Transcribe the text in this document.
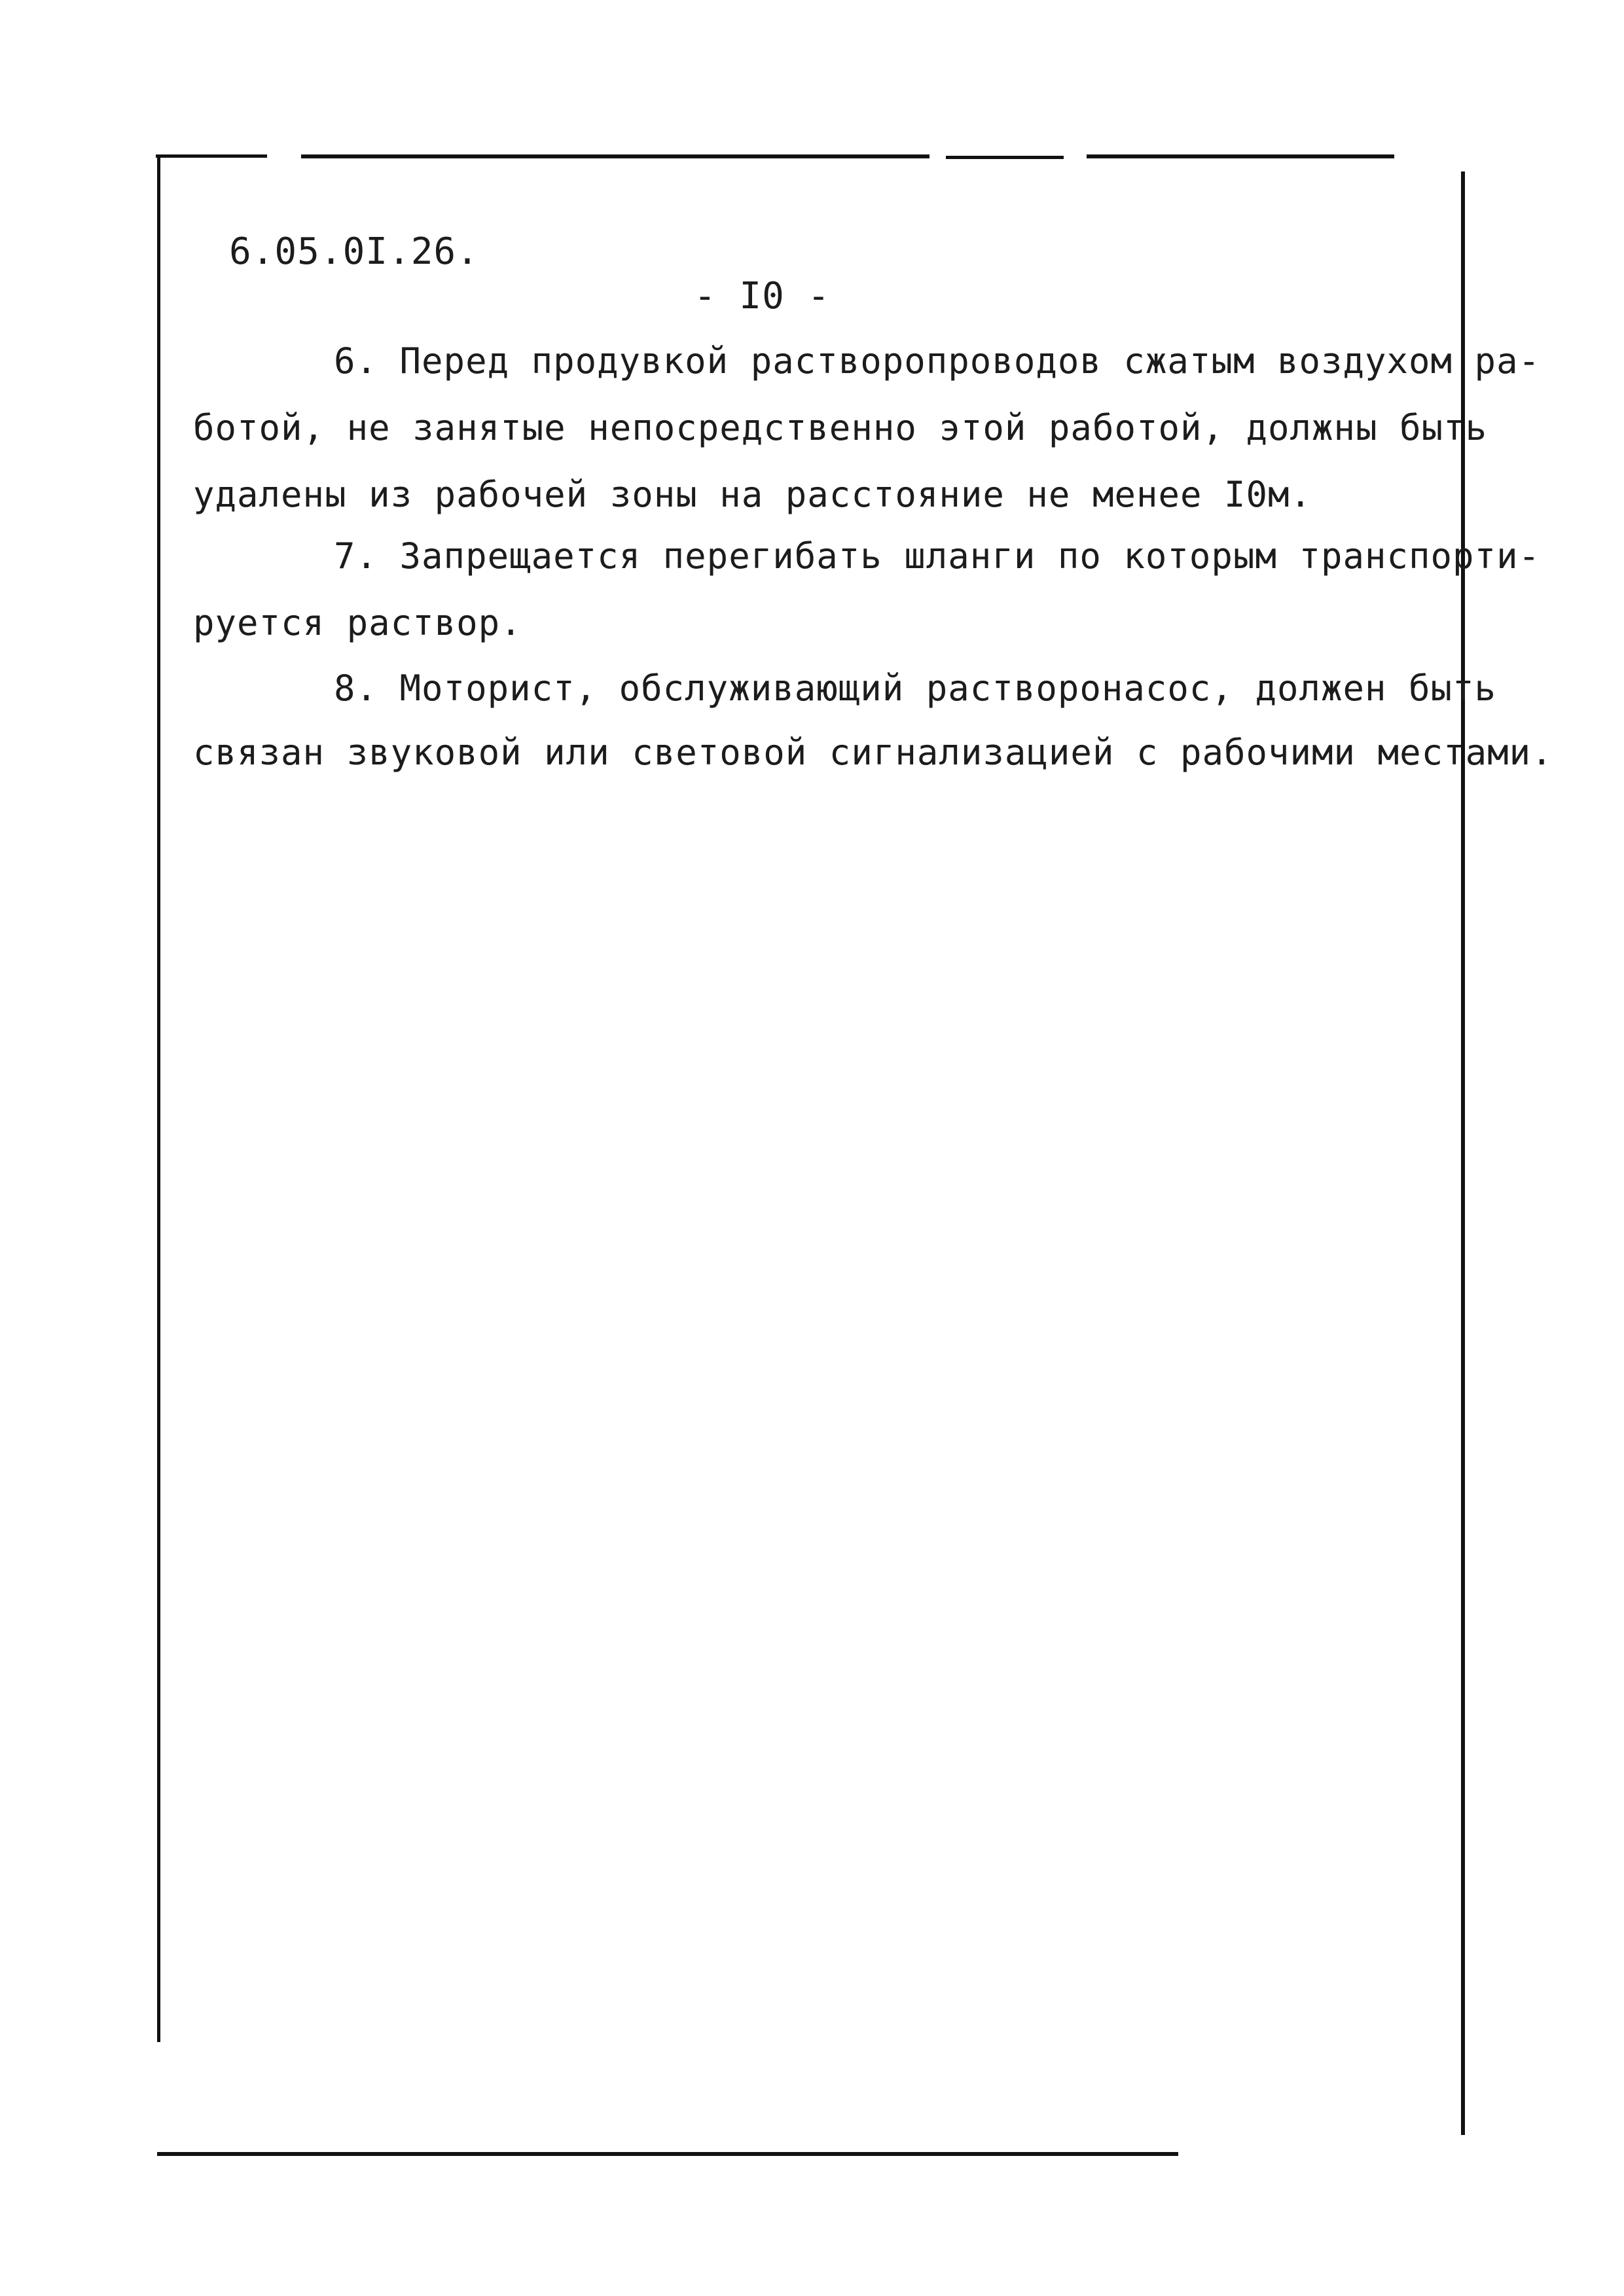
6.05.0I.26.
- I0 -
6. Перед продувкой растворопроводов сжатым воздухом ра-
ботой, не занятые непосредственно этой работой, должны быть
удалены из рабочей зоны на расстояние не менее I0м.
7. Запрещается перегибать шланги по которым транспорти-
руется раствор.
8. Моторист, обслуживающий растворонасос, должен быть
связан звуковой или световой сигнализацией с рабочими местами.
